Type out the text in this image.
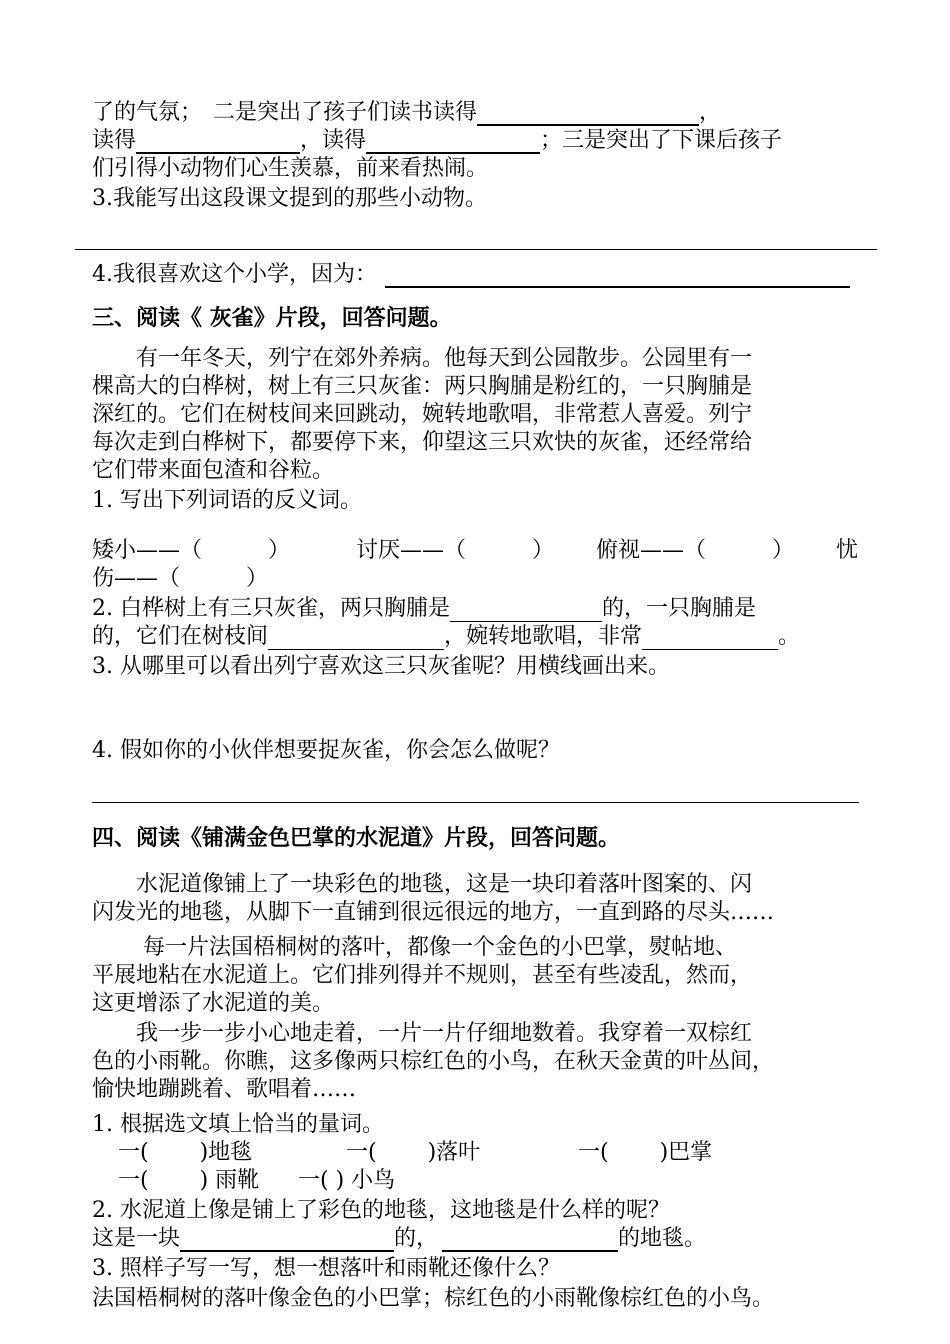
了的气氛；　二是突出了孩子们读书读得	，
读得	，读得	；三是突出了下课后孩子
们引得小动物们心生羡慕，前来看热闹。
3.我能写出这段课文提到的那些小动物。
4.我很喜欢这个小学，因为：
三、阅读《 灰雀》片段，回答问题。
　　有一年冬天，列宁在郊外养病。他每天到公园散步。公园里有一
棵高大的白桦树，树上有三只灰雀：两只胸脯是粉红的，一只胸脯是
深红的。它们在树枝间来回跳动，婉转地歌唱，非常惹人喜爱。列宁
每次走到白桦树下，都要停下来，仰望这三只欢快的灰雀，还经常给
它们带来面包渣和谷粒。
1. 写出下列词语的反义词。
矮小——（　　　）	讨厌——（　　　） 俯视——（　　　） 忧
伤——（　　　）
2. 白桦树上有三只灰雀，两只胸脯是	的，一只胸脯是
的，它们在树枝间	，婉转地歌唱，非常	。
3. 从哪里可以看出列宁喜欢这三只灰雀呢？用横线画出来。
4. 假如你的小伙伴想要捉灰雀，你会怎么做呢？
四、阅读《铺满金色巴掌的水泥道》片段，回答问题。
　　水泥道像铺上了一块彩色的地毯，这是一块印着落叶图案的、闪
闪发光的地毯，从脚下一直铺到很远很远的地方，一直到路的尽头……
　　 每一片法国梧桐树的落叶，都像一个金色的小巴掌，熨帖地、
平展地粘在水泥道上。它们排列得并不规则，甚至有些凌乱，然而，
这更增添了水泥道的美。
　　我一步一步小心地走着，一片一片仔细地数着。我穿着一双棕红
色的小雨靴。你瞧，这多像两只棕红色的小鸟，在秋天金黄的叶丛间，
愉快地蹦跳着、歌唱着……
1. 根据选文填上恰当的量词。
一(　　 )地毯	一(　　 )落叶	一(　　 )巴掌
一(　　 ) 雨靴 一( ) 小鸟
2. 水泥道上像是铺上了彩色的地毯，这地毯是什么样的呢？
这是一块	的，	的地毯。
3. 照样子写一写，想一想落叶和雨靴还像什么？
法国梧桐树的落叶像金色的小巴掌；棕红色的小雨靴像棕红色的小鸟。
